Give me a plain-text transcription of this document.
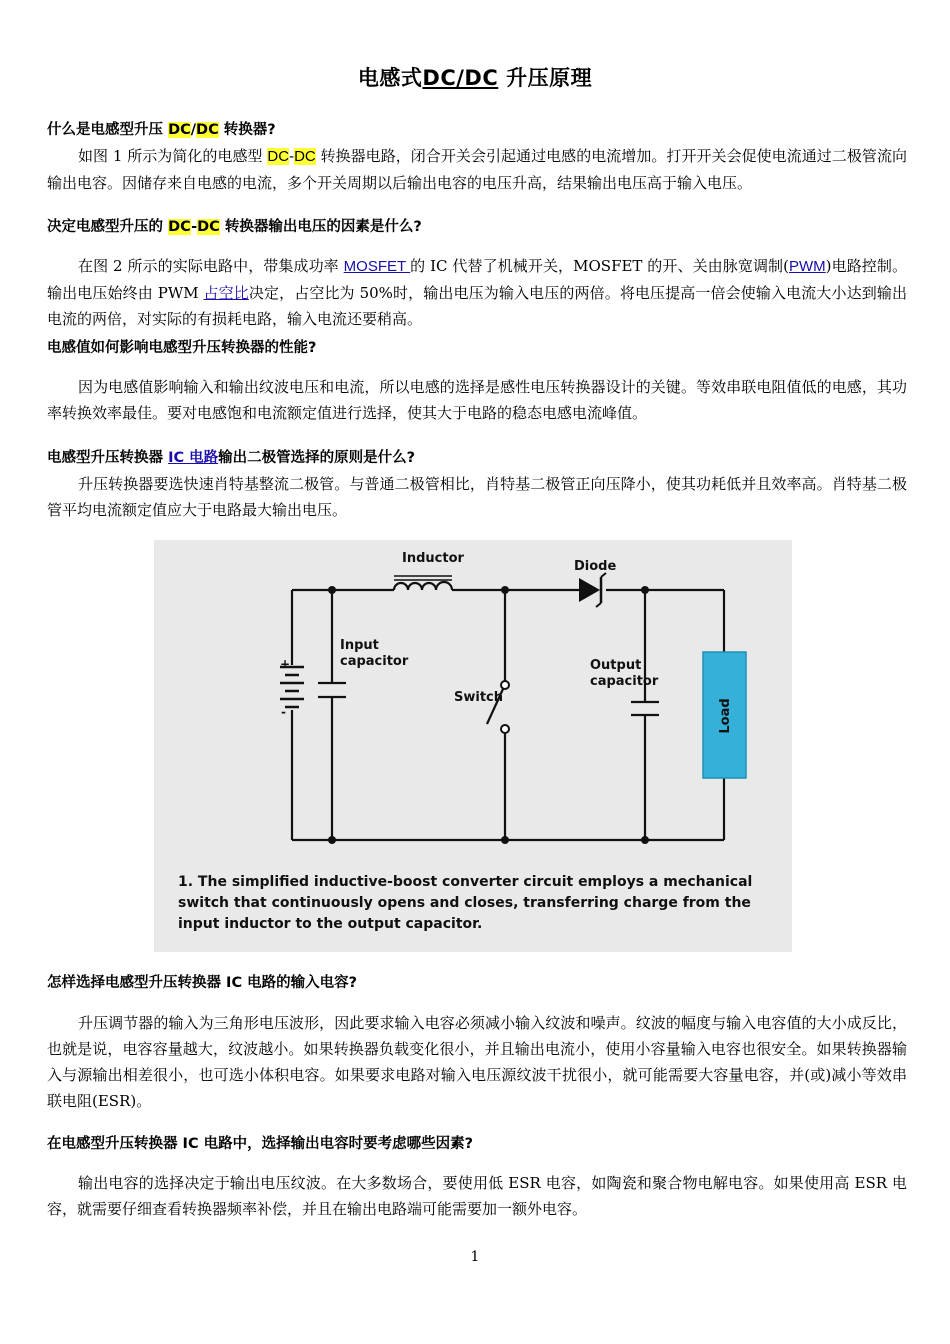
电感式DC/DC 升压原理
什么是电感型升压 DC/DC 转换器?
如图 1 所示为简化的电感型 DC-DC 转换器电路，闭合开关会引起通过电感的电流增加。打开开关会促使电流通过二极管流向输出电容。因储存来自电感的电流，多个开关周期以后输出电容的电压升高，结果输出电压高于输入电压。
决定电感型升压的 DC-DC 转换器输出电压的因素是什么?
在图 2 所示的实际电路中，带集成功率 MOSFET 的 IC 代替了机械开关，MOSFET 的开、关由脉宽调制(PWM)电路控制。输出电压始终由 PWM 占空比决定，占空比为 50%时，输出电压为输入电压的两倍。将电压提高一倍会使输入电流大小达到输出电流的两倍，对实际的有损耗电路，输入电流还要稍高。
电感值如何影响电感型升压转换器的性能?
因为电感值影响输入和输出纹波电压和电流，所以电感的选择是感性电压转换器设计的关键。等效串联电阻值低的电感，其功率转换效率最佳。要对电感饱和电流额定值进行选择，使其大于电路的稳态电感电流峰值。
电感型升压转换器 IC 电路输出二极管选择的原则是什么?
升压转换器要选快速肖特基整流二极管。与普通二极管相比，肖特基二极管正向压降小，使其功耗低并且效率高。肖特基二极管平均电流额定值应大于电路最大输出电压。
+
-
Input
capacitor
Inductor
Diode
Switch
Output
capacitor
Load
1. The simplified inductive-boost converter circuit employs a mechanical switch that continuously opens and closes, transferring charge from the input inductor to the output capacitor.
怎样选择电感型升压转换器 IC 电路的输入电容?
升压调节器的输入为三角形电压波形，因此要求输入电容必须减小输入纹波和噪声。纹波的幅度与输入电容值的大小成反比，也就是说，电容容量越大，纹波越小。如果转换器负载变化很小，并且输出电流小，使用小容量输入电容也很安全。如果转换器输入与源输出相差很小，也可选小体积电容。如果要求电路对输入电压源纹波干扰很小，就可能需要大容量电容，并(或)减小等效串联电阻(ESR)。
在电感型升压转换器 IC 电路中，选择输出电容时要考虑哪些因素?
输出电容的选择决定于输出电压纹波。在大多数场合，要使用低 ESR 电容，如陶瓷和聚合物电解电容。如果使用高 ESR 电容，就需要仔细查看转换器频率补偿，并且在输出电路端可能需要加一额外电容。
1
